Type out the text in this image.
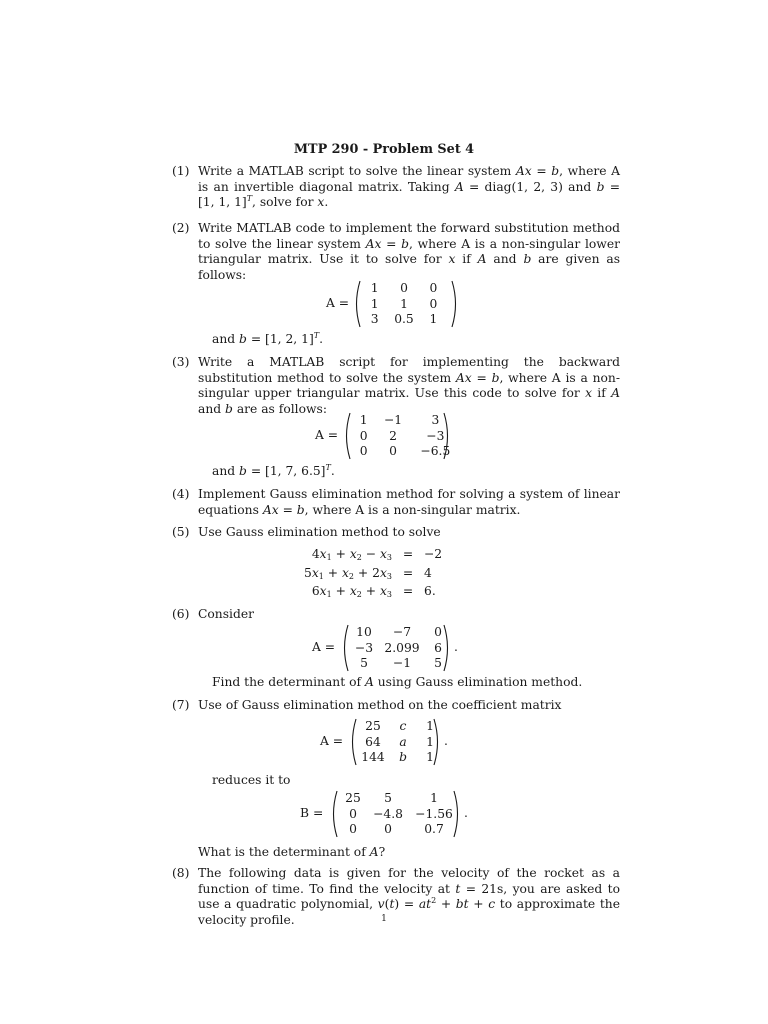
MTP 290 - Problem Set 4
(1) Write a MATLAB script to solve the linear system Ax = b, where A is an invertible diagonal matrix. Taking A = diag(1, 2, 3) and b = [1, 1, 1]$^T$, solve for x.
(2) Write MATLAB code to implement the forward substitution method to solve the linear system Ax = b, where A is a non-singular lower triangular matrix. Use it to solve for x if A and b are given as follows:
A =
1	0	0
1	1	0
3	0.5	1
and b = [1, 2, 1]$^T$.
(3) Write a MATLAB script for implementing the backward substitution method to solve the system Ax = b, where A is a non-singular upper triangular matrix. Use this code to solve for x if A and b are as follows:
A =
1	−1	3
0	2	−3
0	0	−6.5
and b = [1, 7, 6.5]$^T$.
(4) Implement Gauss elimination method for solving a system of linear equations Ax = b, where A is a non-singular matrix.
(5) Use Gauss elimination method to solve
$4x_1 + x_2 - x_3$	=	−2
$5x_1 + x_2 + 2x_3$	=	4
$6x_1 + x_2 + x_3$	=	6.
(6) Consider
A =
10	−7	0
−3	2.099	6
5	−1	5
.
Find the determinant of A using Gauss elimination method.
(7) Use of Gauss elimination method on the coefficient matrix
A =
25	c	1
64	a	1
144	b	1
.
reduces it to
B =
25	5	1
0	−4.8	−1.56
0	0	0.7
.
What is the determinant of A?
(8) The following data is given for the velocity of the rocket as a function of time. To find the velocity at t = 21s, you are asked to use a quadratic polynomial, $v(t) = at^2$ + bt + c to approximate the velocity profile.	1
